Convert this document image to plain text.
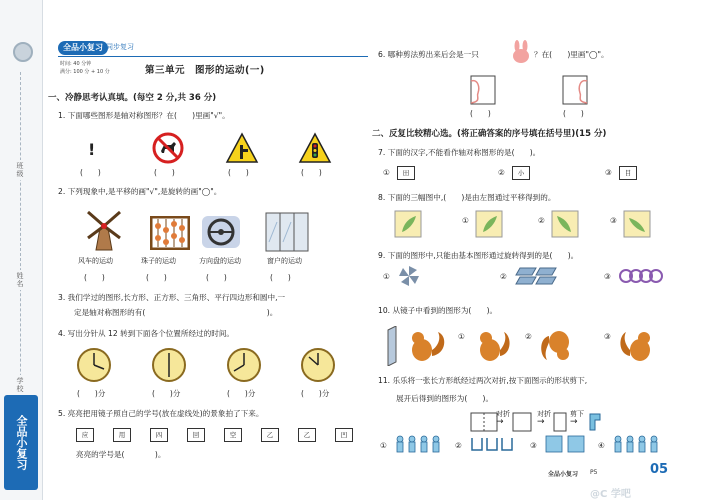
班级
姓名
学校
全品小复习
全品小复习 同步复习
时间: 40 分钟
满分: 100 分 + 10 分	第三单元　图形的运动(一)
一、冷静思考认真填。(每空 2 分,共 36 分)
1. 下面哪些图形是轴对称图形？在(　　)里画"√"。
!
(　　)	(　　)	(　　)	(　　)
2. 下列现象中,是平移的画"√",是旋转的画"◯"。
风车的运动	珠子的运动	方向盘的运动	窗户的运动
(　　)	(　　)	(　　)	(　　)
3. 我们学过的图形,长方形、正方形、三角形、平行四边形和圆中,一
定是轴对称图形的有(　　　　　　　　　　　　　　　　)。
4. 写出分针从 12 转到下面各个位置所经过的时间。
(　　)分	(　　)分	(　　)分	(　　)分
5. 亮亮把用镜子照自己的学号(放在虚线处)的景象拍了下来。
应	用	四	回	空	乙	乙	凹
亮亮的学号是(　　　　)。
6. 哪种剪法剪出来后会是一只	？在(　　)里画"◯"。
(　　)	(　　)
二、反复比较精心选。(将正确答案的序号填在括号里)(15 分)
7. 下面的汉字,不能看作轴对称图形的是(　　)。
①	田	②	小	③	目
8. 下面的三幅图中,(　　)是由左图通过平移得到的。
①	②	③
9. 下面的图形中,只能由基本图形通过旋转得到的是(　　)。
①	②	③
10. 从镜子中看到的图形为(　　)。
①	②	③
11. 乐乐将一张长方形纸经过两次对折,按下面图示的形状剪下,
展开后得到的图形为(　　)。
对折
→
对折
→
剪下
→
①	②	③	④
全品小复习 P5	05
@C 学吧
